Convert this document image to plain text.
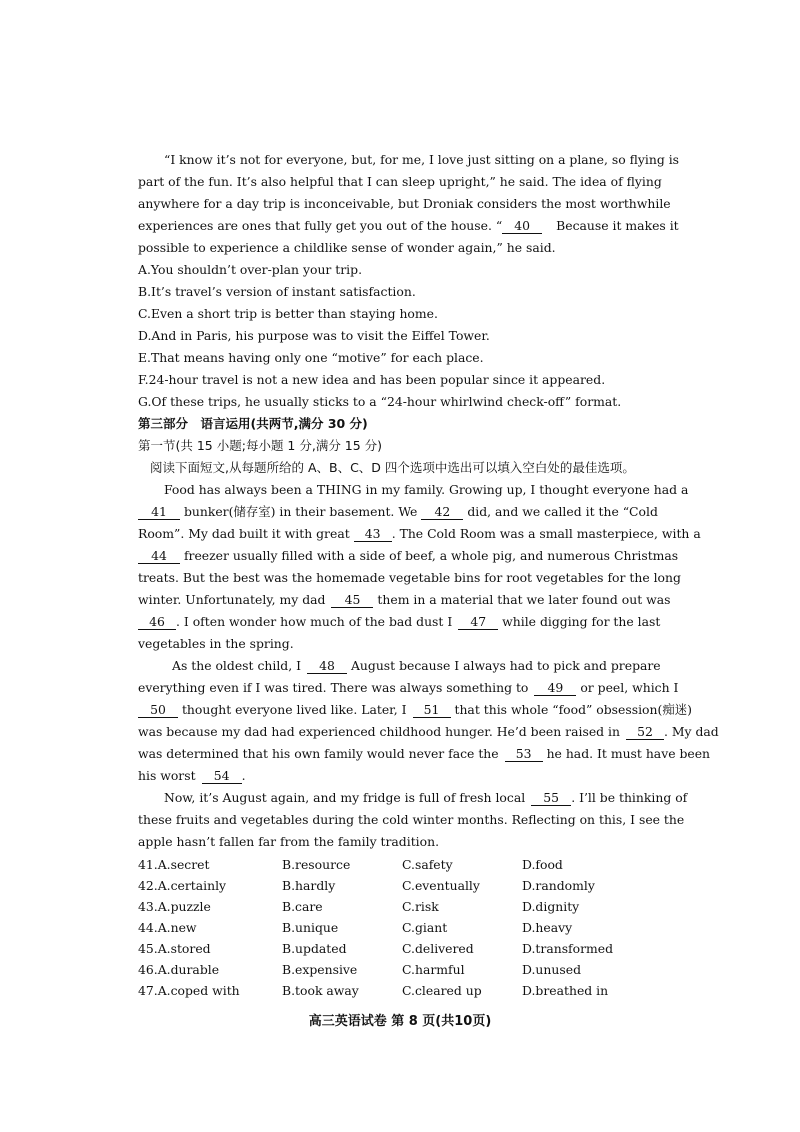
“I know it’s not for everyone, but, for me, I love just sitting on a plane, so flying is
part of the fun. It’s also helpful that I can sleep upright,” he said. The idea of flying
anywhere for a day trip is inconceivable, but Droniak considers the most worthwhile
experiences are ones that fully get you out of the house. “ 40 Because it makes it
possible to experience a childlike sense of wonder again,” he said.
A.You shouldn’t over-plan your trip.
B.It’s travel’s version of instant satisfaction.
C.Even a short trip is better than staying home.
D.And in Paris, his purpose was to visit the Eiffel Tower.
E.That means having only one “motive” for each place.
F.24-hour travel is not a new idea and has been popular since it appeared.
G.Of these trips, he usually sticks to a “24-hour whirlwind check-off” format.
第三部分　语言运用(共两节,满分 30 分)
第一节(共 15 小题;每小题 1 分,满分 15 分)
阅读下面短文,从每题所给的 A、B、C、D 四个选项中选出可以填入空白处的最佳选项。
Food has always been a THING in my family. Growing up, I thought everyone had a
41 bunker(储存室) in their basement. We 42 did, and we called it the “Cold
Room”. My dad built it with great 43 . The Cold Room was a small masterpiece, with a
44 freezer usually filled with a side of beef, a whole pig, and numerous Christmas
treats. But the best was the homemade vegetable bins for root vegetables for the long
winter. Unfortunately, my dad 45 them in a material that we later found out was
46 . I often wonder how much of the bad dust I 47 while digging for the last
vegetables in the spring.
As the oldest child, I 48 August because I always had to pick and prepare
everything even if I was tired. There was always something to 49 or peel, which I
50 thought everyone lived like. Later, I 51 that this whole “food” obsession(痴迷)
was because my dad had experienced childhood hunger. He’d been raised in 52 . My dad
was determined that his own family would never face the 53 he had. It must have been
his worst 54 .
Now, it’s August again, and my fridge is full of fresh local 55 . I’ll be thinking of
these fruits and vegetables during the cold winter months. Reflecting on this, I see the
apple hasn’t fallen far from the family tradition.
41.A.secret	B.resource	C.safety	D.food
42.A.certainly	B.hardly	C.eventually	D.randomly
43.A.puzzle	B.care	C.risk	D.dignity
44.A.new	B.unique	C.giant	D.heavy
45.A.stored	B.updated	C.delivered	D.transformed
46.A.durable	B.expensive	C.harmful	D.unused
47.A.coped with	B.took away	C.cleared up	D.breathed in
高三英语试卷 第 8 页(共10页)
